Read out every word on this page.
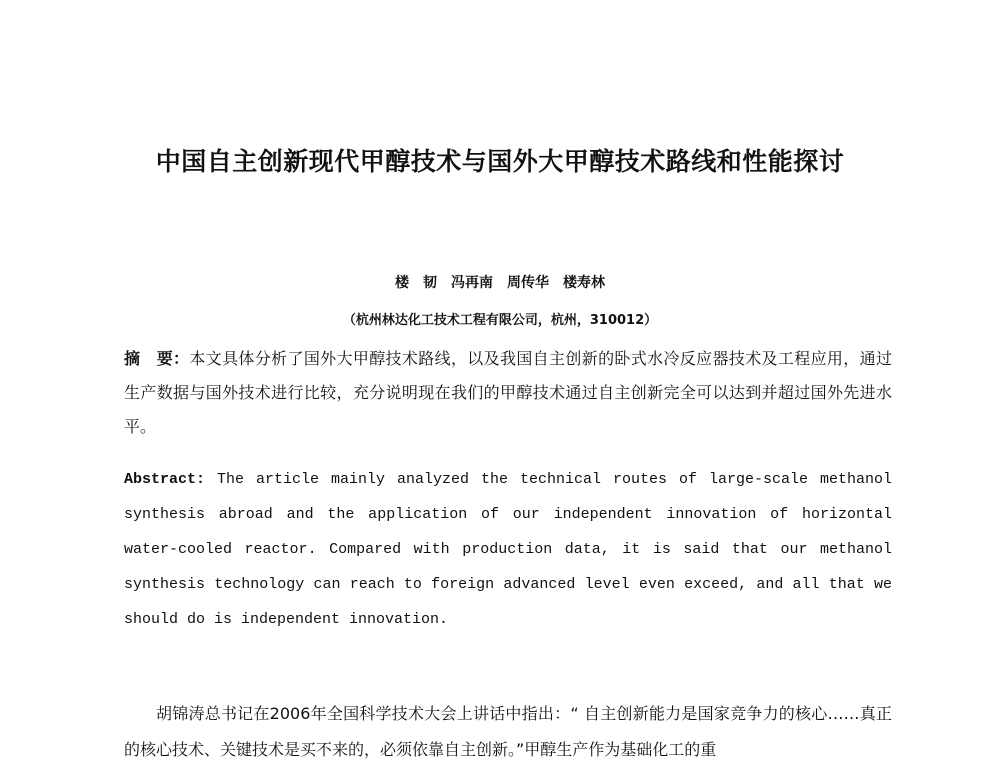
中国自主创新现代甲醇技术与国外大甲醇技术路线和性能探讨
楼　韧　冯再南　周传华　楼寿林
（杭州林达化工技术工程有限公司，杭州，310012）

摘　要：本文具体分析了国外大甲醇技术路线，以及我国自主创新的卧式水冷反应器技术及工程应用，通过生产数据与国外技术进行比较，充分说明现在我们的甲醇技术通过自主创新完全可以达到并超过国外先进水平。

Abstract: The article mainly analyzed the technical routes of large-scale methanol synthesis abroad and the application of our independent innovation of horizontal water-cooled reactor. Compared with production data, it is said that our methanol synthesis technology can reach to foreign advanced level even exceed, and all that we should do is independent innovation.

胡锦涛总书记在2006年全国科学技术大会上讲话中指出：“ 自主创新能力是国家竞争力的核心……真正的核心技术、关键技术是买不来的，必须依靠自主创新。”甲醇生产作为基础化工的重
